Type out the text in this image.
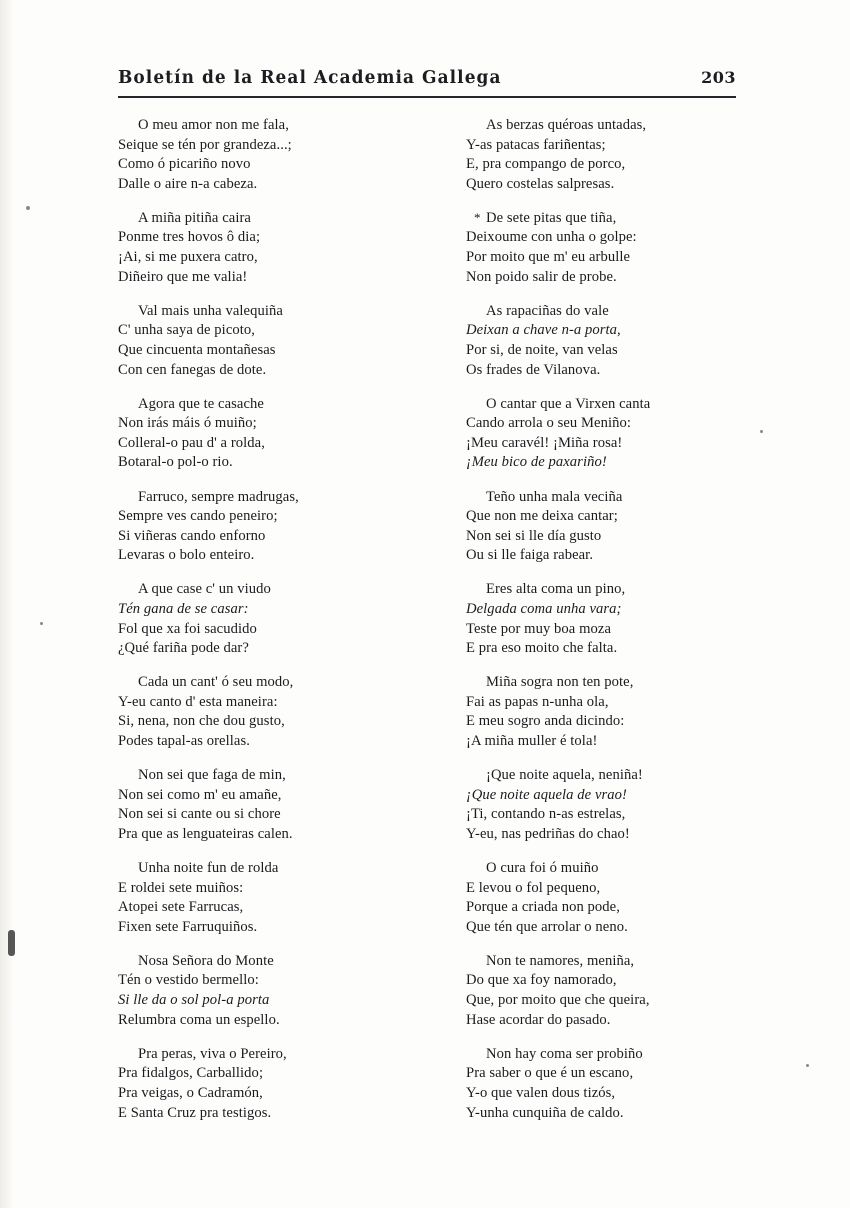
Boletín de la Real Academia Gallega	203
O meu amor non me fala,
Seique se tén por grandeza...;
Como ó picariño novo
Dalle o aire n-a cabeza.
A miña pitiña caira
Ponme tres hovos ô dia;
¡Ai, si me puxera catro,
Diñeiro que me valia!
Val mais unha valequiña
C' unha saya de picoto,
Que cincuenta montañesas
Con cen fanegas de dote.
Agora que te casache
Non irás máis ó muiño;
Colleral-o pau d' a rolda,
Botaral-o pol-o rio.
Farruco, sempre madrugas,
Sempre ves cando peneiro;
Si viñeras cando enforno
Levaras o bolo enteiro.
A que case c' un viudo
Tén gana de se casar:
Fol que xa foi sacudido
¿Qué fariña pode dar?
Cada un cant' ó seu modo,
Y-eu canto d' esta maneira:
Si, nena, non che dou gusto,
Podes tapal-as orellas.
Non sei que faga de min,
Non sei como m' eu amañe,
Non sei si cante ou si chore
Pra que as lenguateiras calen.
Unha noite fun de rolda
E roldei sete muiños:
Atopei sete Farrucas,
Fixen sete Farruquiños.
Nosa Señora do Monte
Tén o vestido bermello:
Si lle da o sol pol-a porta
Relumbra coma un espello.
Pra peras, viva o Pereiro,
Pra fidalgos, Carballido;
Pra veigas, o Cadramón,
E Santa Cruz pra testigos.
As berzas quéroas untadas,
Y-as patacas fariñentas;
E, pra compango de porco,
Quero costelas salpresas.
* De sete pitas que tiña,
Deixoume con unha o golpe:
Por moito que m' eu arbulle
Non poido salir de probe.
As rapaciñas do vale
Deixan a chave n-a porta,
Por si, de noite, van velas
Os frades de Vilanova.
O cantar que a Virxen canta
Cando arrola o seu Meniño:
¡Meu caravél! ¡Miña rosa!
¡Meu bico de paxariño!
Teño unha mala veciña
Que non me deixa cantar;
Non sei si lle día gusto
Ou si lle faiga rabear.
Eres alta coma un pino,
Delgada coma unha vara;
Teste por muy boa moza
E pra eso moito che falta.
Miña sogra non ten pote,
Fai as papas n-unha ola,
E meu sogro anda dicindo:
¡A miña muller é tola!
¡Que noite aquela, neniña!
¡Que noite aquela de vrao!
¡Ti, contando n-as estrelas,
Y-eu, nas pedriñas do chao!
O cura foi ó muiño
E levou o fol pequeno,
Porque a criada non pode,
Que tén que arrolar o neno.
Non te namores, meniña,
Do que xa foy namorado,
Que, por moito que che queira,
Hase acordar do pasado.
Non hay coma ser probiño
Pra saber o que é un escano,
Y-o que valen dous tizós,
Y-unha cunquiña de caldo.
